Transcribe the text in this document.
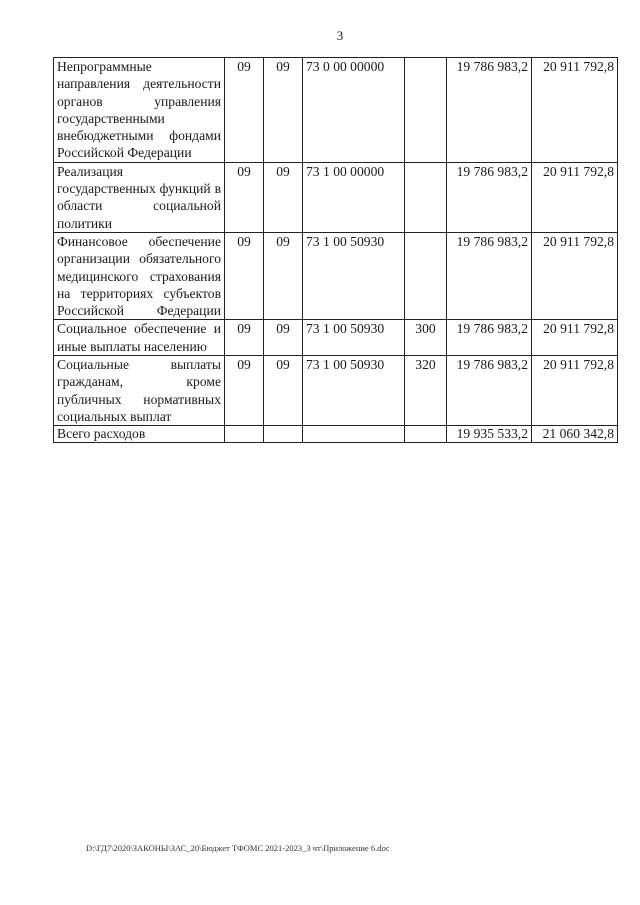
3
Непрограммные направления деятельности органов управления государственными внебюджетными фондами Российской Федерации	09	09	73 0 00 00000		19 786 983,2	20 911 792,8
Реализация государственных функций в области социальной политики	09	09	73 1 00 00000		19 786 983,2	20 911 792,8
Финансовое обеспечение организации обязательного медицинского страхования на территориях субъектов Российской Федерации	09	09	73 1 00 50930		19 786 983,2	20 911 792,8
Социальное обеспечение и иные выплаты населению	09	09	73 1 00 50930	300	19 786 983,2	20 911 792,8
Социальные выплаты гражданам, кроме публичных нормативных социальных выплат	09	09	73 1 00 50930	320	19 786 983,2	20 911 792,8
Всего расходов					19 935 533,2	21 060 342,8
D:\ГД7\2020\ЗАКОНЫ\ЗАС_20\Бюджет ТФОМС 2021-2023_3 чт\Приложение 6.doc
